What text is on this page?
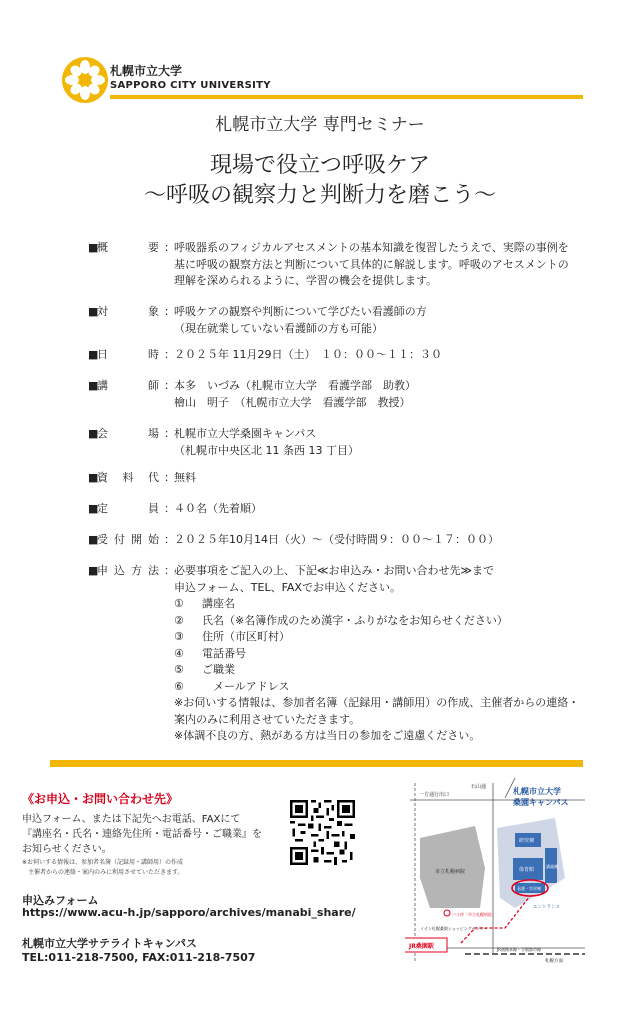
札幌市立大学
SAPPORO CITY UNIVERSITY
札幌市立大学 専門セミナー
現場で役立つ呼吸ケア
〜呼吸の観察力と判断力を磨こう〜
■
概要 ： 呼吸器系のフィジカルアセスメントの基本知識を復習したうえで、実際の事例を
基に呼吸の観察方法と判断について具体的に解説します。呼吸のアセスメントの
理解を深められるように、学習の機会を提供します。
■
対象 ： 呼吸ケアの観察や判断について学びたい看護師の方
（現在就業していない看護師の方も可能）
■
日時 ： ２０２５年 11月29日（土）　１０：００〜１１：３０
■
講師 ： 本多　いづみ（札幌市立大学　看護学部　助教）
檜山　明子　（札幌市立大学　看護学部　教授）
■
会場 ： 札幌市立大学桑園キャンパス
（札幌市中央区北 11 条西 13 丁目）
■
資料代 ： 無料
■
定員 ： ４０名（先着順）
■
受付開始 ： ２０２５年10月14日（火）〜（受付時間９：００〜１７：００）
■
申込方法 ： 必要事項をご記入の上、下記≪お申込み・お問い合わせ先≫まで
申込フォーム、TEL、FAXでお申込ください。
① 講座名
② 氏名（※名簿作成のため漢字・ふりがなをお知らせください）
③ 住所（市区町村）
④ 電話番号
⑤ ご職業
⑥　メールアドレス
※お伺いする情報は、参加者名簿（記録用・講師用）の作成、主催者からの連絡・
案内のみに利用させていただきます。
※体調不良の方、熱がある方は当日の参加をご遠慮ください。
《お申込・お問い合わせ先》
申込フォーム、または下記先へお電話、FAXにて
『講座名・氏名・連絡先住所・電話番号・ご職業』を
お知らせください。
※お伺いする情報は、参加者名簿（記録用・講師用）の作成
　主催者からの連絡・案内のみに利用させていただきます。
申込みフォーム
https://www.acu-h.jp/sapporo/archives/manabi_share/
札幌市立大学サテライトキャンパス
TEL:011-218-7500, FAX:011-218-7507
札幌市立大学
桑園キャンパス
石山通
一方通行出口
研究棟
体育館
講義棟
看護・実習棟
市立札幌病院
エントランス
バス停「市立札幌病院」
イオン札幌桑園ショッピングセンター
JR桑園駅	JR函館本線・学園都市線
札幌方面
